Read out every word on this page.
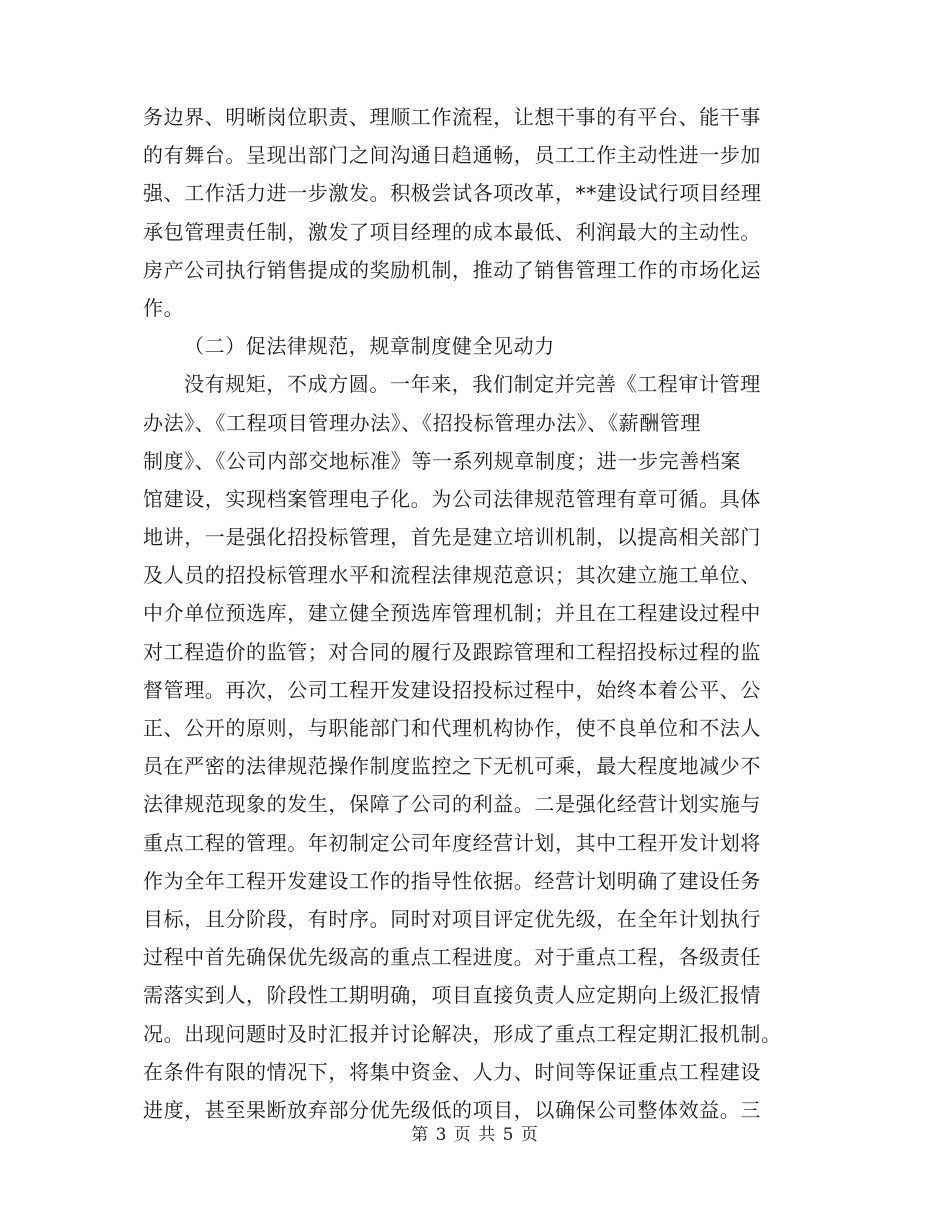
务边界、明晰岗位职责、理顺工作流程，让想干事的有平台、能干事
的有舞台。呈现出部门之间沟通日趋通畅，员工工作主动性进一步加
强、工作活力进一步激发。积极尝试各项改革，**建设试行项目经理
承包管理责任制，激发了项目经理的成本最低、利润最大的主动性。
房产公司执行销售提成的奖励机制，推动了销售管理工作的市场化运
作。
（二）促法律规范，规章制度健全见动力
没有规矩，不成方圆。一年来，我们制定并完善《工程审计管理
办法》、《工程项目管理办法》、《招投标管理办法》、《薪酬管理
制度》、《公司内部交地标准》等一系列规章制度；进一步完善档案
馆建设，实现档案管理电子化。为公司法律规范管理有章可循。具体
地讲，一是强化招投标管理，首先是建立培训机制，以提高相关部门
及人员的招投标管理水平和流程法律规范意识；其次建立施工单位、
中介单位预选库，建立健全预选库管理机制；并且在工程建设过程中
对工程造价的监管；对合同的履行及跟踪管理和工程招投标过程的监
督管理。再次，公司工程开发建设招投标过程中，始终本着公平、公
正、公开的原则，与职能部门和代理机构协作，使不良单位和不法人
员在严密的法律规范操作制度监控之下无机可乘，最大程度地减少不
法律规范现象的发生，保障了公司的利益。二是强化经营计划实施与
重点工程的管理。年初制定公司年度经营计划，其中工程开发计划将
作为全年工程开发建设工作的指导性依据。经营计划明确了建设任务
目标，且分阶段，有时序。同时对项目评定优先级，在全年计划执行
过程中首先确保优先级高的重点工程进度。对于重点工程，各级责任
需落实到人，阶段性工期明确，项目直接负责人应定期向上级汇报情
况。出现问题时及时汇报并讨论解决，形成了重点工程定期汇报机制。
在条件有限的情况下，将集中资金、人力、时间等保证重点工程建设
进度，甚至果断放弃部分优先级低的项目，以确保公司整体效益。三
第 3 页 共 5 页
